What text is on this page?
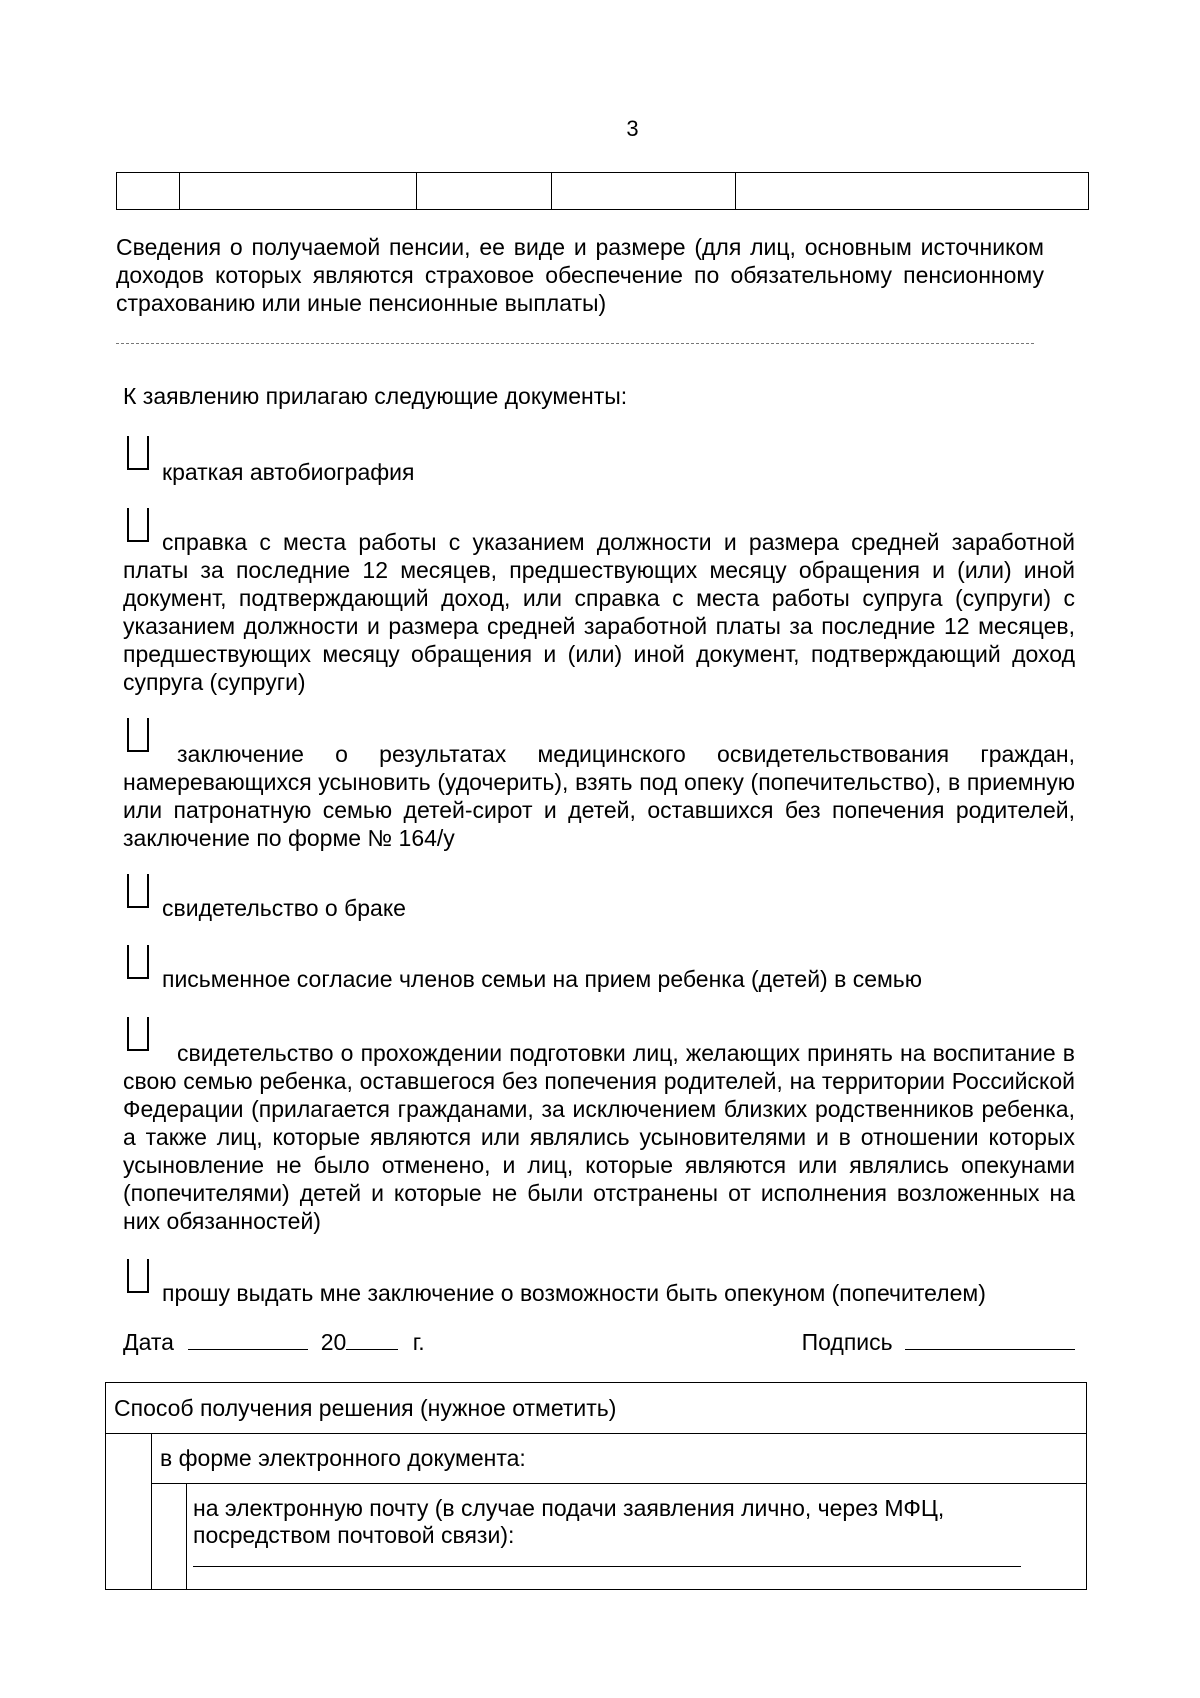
3
Сведения о получаемой пенсии, ее виде и размере (для лиц, основным источником доходов которых являются страховое обеспечение по обязательному пенсионному страхованию или иные пенсионные выплаты)
К заявлению прилагаю следующие документы:
краткая автобиография
справка с места работы с указанием должности и размера средней заработной платы за последние 12 месяцев, предшествующих месяцу обращения и (или) иной документ, подтверждающий доход, или справка с места работы супруга (супруги) с указанием должности и размера средней заработной платы за последние 12 месяцев, предшествующих месяцу обращения и (или) иной документ, подтверждающий доход супруга (супруги)
заключение о результатах медицинского освидетельствования граждан, намеревающихся усыновить (удочерить), взять под опеку (попечительство), в приемную или патронатную семью детей-сирот и детей, оставшихся без попечения родителей, заключение по форме № 164/у
свидетельство о браке
письменное согласие членов семьи на прием ребенка (детей) в семью
свидетельство о прохождении подготовки лиц, желающих принять на воспитание в свою семью ребенка, оставшегося без попечения родителей, на территории Российской Федерации (прилагается гражданами, за исключением близких родственников ребенка, а также лиц, которые являются или являлись усыновителями и в отношении которых усыновление не было отменено, и лиц, которые являются или являлись опекунами (попечителями) детей и которые не были отстранены от исполнения возложенных на них обязанностей)
прошу выдать мне заключение о возможности быть опекуном (попечителем)
Дата	20	г.	Подпись
Способ получения решения (нужное отметить)
в форме электронного документа:
на электронную почту (в случае подачи заявления лично, через МФЦ, посредством почтовой связи):
